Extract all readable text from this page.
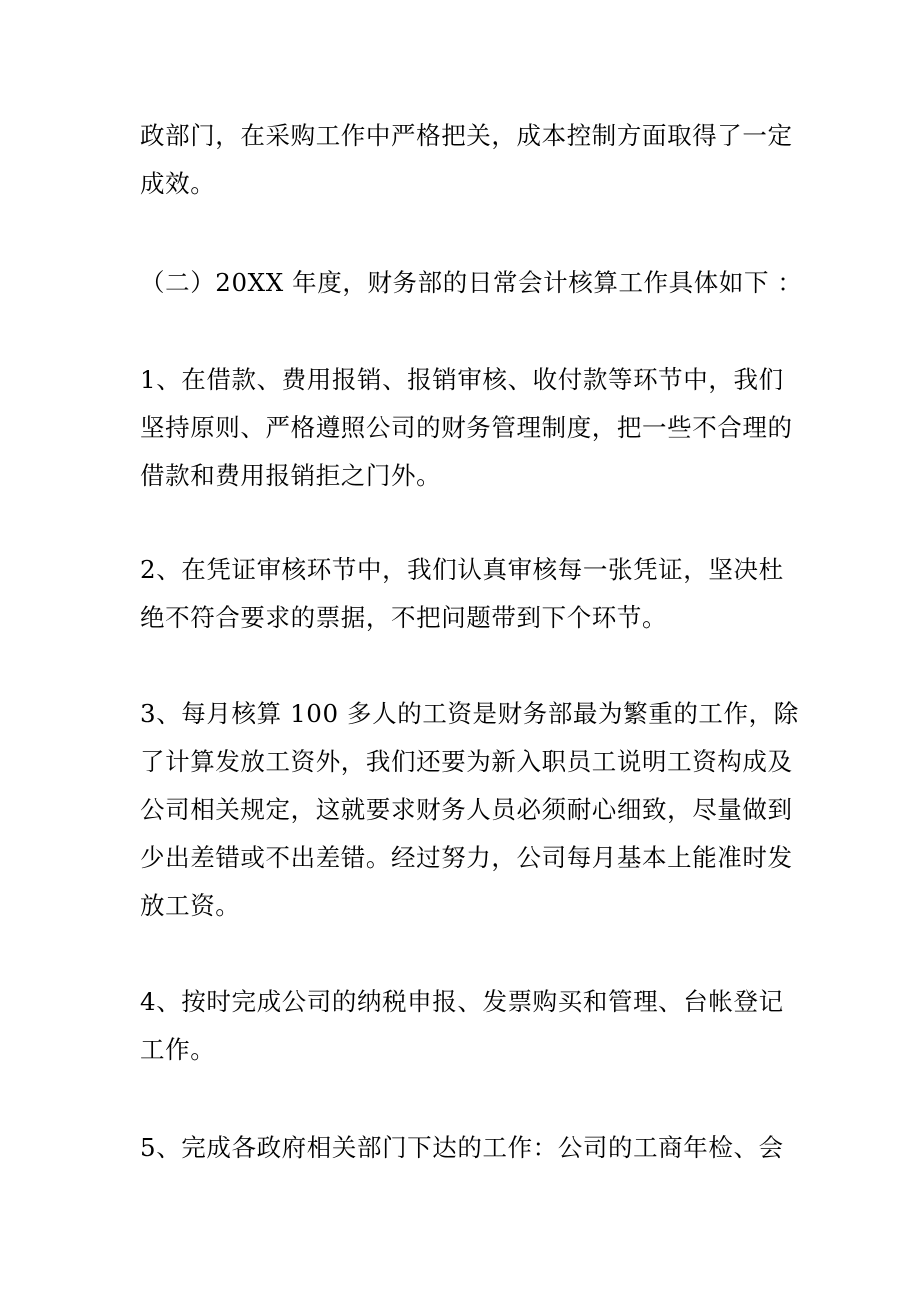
政部门，在采购工作中严格把关，成本控制方面取得了一定
成效。

（二）20XX 年度，财务部的日常会计核算工作具体如下 ：

1、在借款、费用报销、报销审核、收付款等环节中，我们
坚持原则、严格遵照公司的财务管理制度，把一些不合理的
借款和费用报销拒之门外。

2、在凭证审核环节中，我们认真审核每一张凭证，坚决杜
绝不符合要求的票据，不把问题带到下个环节。

3、每月核算 100 多人的工资是财务部最为繁重的工作，除
了计算发放工资外，我们还要为新入职员工说明工资构成及
公司相关规定，这就要求财务人员必须耐心细致，尽量做到
少出差错或不出差错。经过努力，公司每月基本上能准时发
放工资。

4、按时完成公司的纳税申报、发票购买和管理、台帐登记
工作。

5、完成各政府相关部门下达的工作：公司的工商年检、会
